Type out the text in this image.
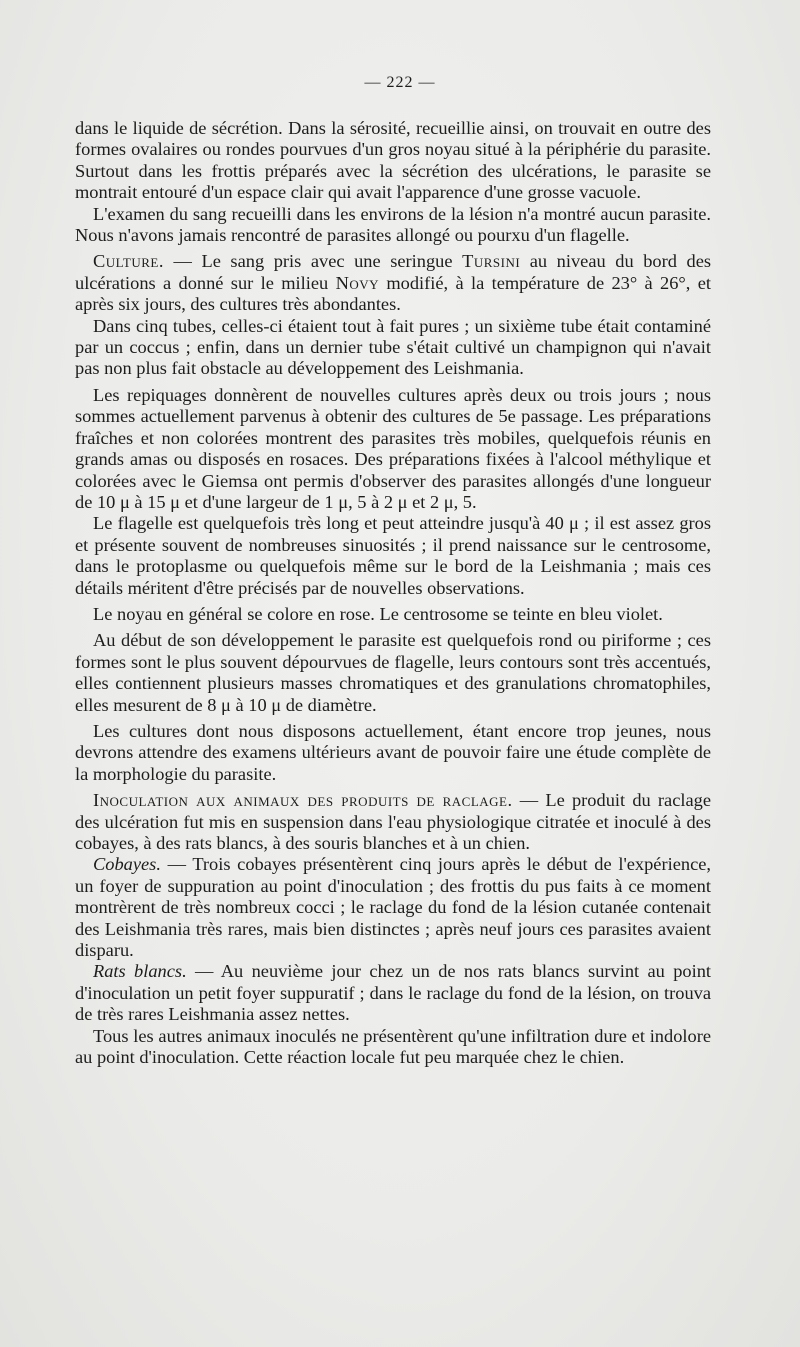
— 222 —

dans le liquide de sécrétion. Dans la sérosité, recueillie ainsi, on trouvait en outre des formes ovalaires ou rondes pourvues d'un gros noyau situé à la périphérie du parasite. Surtout dans les frottis préparés avec la sécrétion des ulcérations, le parasite se montrait entouré d'un espace clair qui avait l'apparence d'une grosse vacuole.

L'examen du sang recueilli dans les environs de la lésion n'a montré aucun parasite. Nous n'avons jamais rencontré de parasites allongé ou pourxu d'un flagelle.

Culture. — Le sang pris avec une seringue Tursini au niveau du bord des ulcérations a donné sur le milieu Novy modifié, à la température de 23° à 26°, et après six jours, des cultures très abondantes.

Dans cinq tubes, celles-ci étaient tout à fait pures ; un sixième tube était contaminé par un coccus ; enfin, dans un dernier tube s'était cultivé un champignon qui n'avait pas non plus fait obstacle au développement des Leishmania.

Les repiquages donnèrent de nouvelles cultures après deux ou trois jours ; nous sommes actuellement parvenus à obtenir des cultures de 5e passage. Les préparations fraîches et non colorées montrent des parasites très mobiles, quelquefois réunis en grands amas ou disposés en rosaces. Des préparations fixées à l'alcool méthylique et colorées avec le Giemsa ont permis d'observer des parasites allongés d'une longueur de 10 μ à 15 μ et d'une largeur de 1 μ, 5 à 2 μ et 2 μ, 5.

Le flagelle est quelquefois très long et peut atteindre jusqu'à 40 μ ; il est assez gros et présente souvent de nombreuses sinuosités ; il prend naissance sur le centrosome, dans le protoplasme ou quelquefois même sur le bord de la Leishmania ; mais ces détails méritent d'être précisés par de nouvelles observations.

Le noyau en général se colore en rose. Le centrosome se teinte en bleu violet.

Au début de son développement le parasite est quelquefois rond ou piriforme ; ces formes sont le plus souvent dépourvues de flagelle, leurs contours sont très accentués, elles contiennent plusieurs masses chromatiques et des granulations chromatophiles, elles mesurent de 8 μ à 10 μ de diamètre.

Les cultures dont nous disposons actuellement, étant encore trop jeunes, nous devrons attendre des examens ultérieurs avant de pouvoir faire une étude complète de la morphologie du parasite.

Inoculation aux animaux des produits de raclage. — Le produit du raclage des ulcération fut mis en suspension dans l'eau physiologique citratée et inoculé à des cobayes, à des rats blancs, à des souris blanches et à un chien.

Cobayes. — Trois cobayes présentèrent cinq jours après le début de l'expérience, un foyer de suppuration au point d'inoculation ; des frottis du pus faits à ce moment montrèrent de très nombreux cocci ; le raclage du fond de la lésion cutanée contenait des Leishmania très rares, mais bien distinctes ; après neuf jours ces parasites avaient disparu.

Rats blancs. — Au neuvième jour chez un de nos rats blancs survint au point d'inoculation un petit foyer suppuratif ; dans le raclage du fond de la lésion, on trouva de très rares Leishmania assez nettes.

Tous les autres animaux inoculés ne présentèrent qu'une infiltration dure et indolore au point d'inoculation. Cette réaction locale fut peu marquée chez le chien.
